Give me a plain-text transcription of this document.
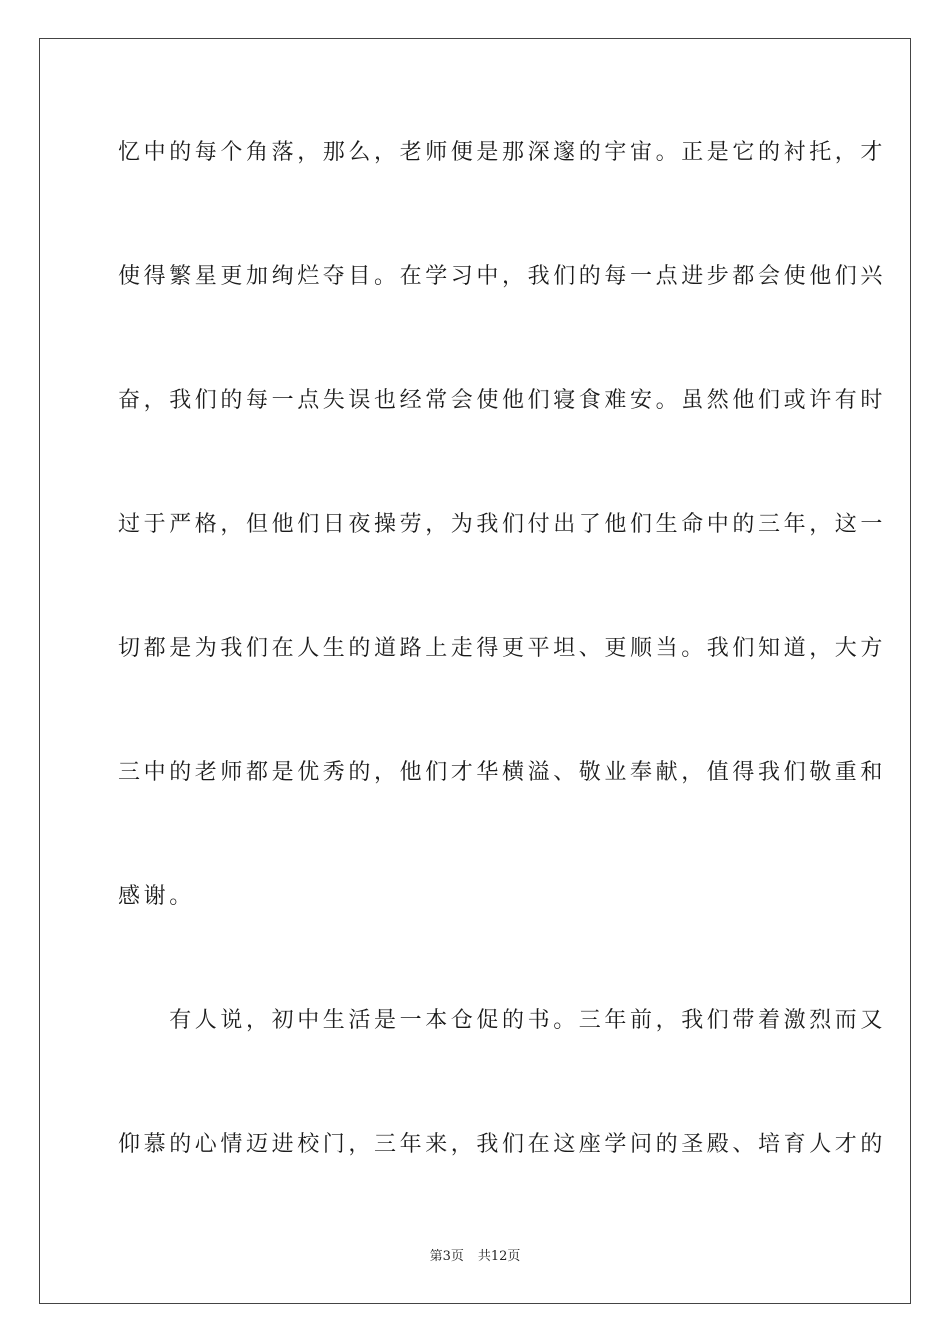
忆中的每个角落，那么，老师便是那深邃的宇宙。正是它的衬托，才
使得繁星更加绚烂夺目。在学习中，我们的每一点进步都会使他们兴
奋，我们的每一点失误也经常会使他们寝食难安。虽然他们或许有时
过于严格，但他们日夜操劳，为我们付出了他们生命中的三年，这一
切都是为我们在人生的道路上走得更平坦、更顺当。我们知道，大方
三中的老师都是优秀的，他们才华横溢、敬业奉献，值得我们敬重和
感谢。
　　有人说，初中生活是一本仓促的书。三年前，我们带着激烈而又
仰慕的心情迈进校门，三年来，我们在这座学问的圣殿、培育人才的
第3页 共12页
